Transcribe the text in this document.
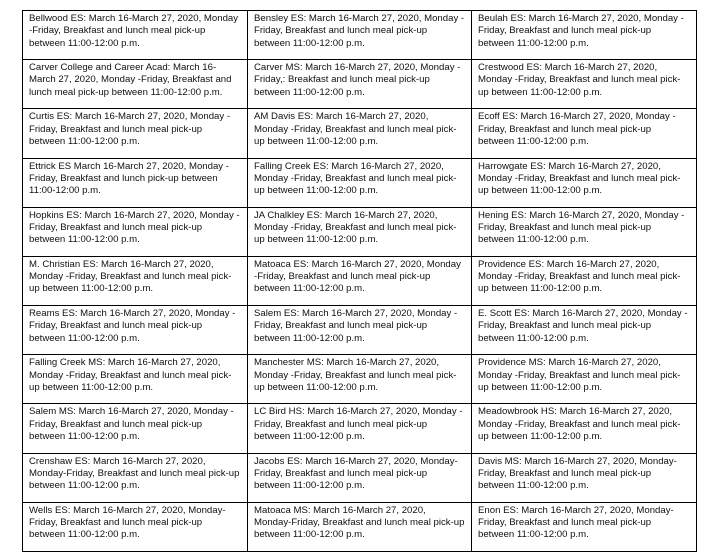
Bellwood ES: March 16-March 27, 2020, Monday -Friday, Breakfast and lunch meal pick-up between 11:00-12:00 p.m.	Bensley ES: March 16-March 27, 2020, Monday -Friday, Breakfast and lunch meal pick-up between 11:00-12:00 p.m.	Beulah ES: March 16-March 27, 2020, Monday -Friday, Breakfast and lunch meal pick-up between 11:00-12:00 p.m.

Carver College and Career Acad: March 16-March 27, 2020, Monday -Friday, Breakfast and lunch meal pick-up between 11:00-12:00 p.m.	Carver MS: March 16-March 27, 2020, Monday -Friday,: Breakfast and lunch meal pick-up between 11:00-12:00 p.m.	Crestwood ES: March 16-March 27, 2020, Monday -Friday, Breakfast and lunch meal pick-up between 11:00-12:00 p.m.

Curtis ES: March 16-March 27, 2020, Monday -Friday, Breakfast and lunch meal pick-up between 11:00-12:00 p.m.	AM Davis ES: March 16-March 27, 2020, Monday -Friday, Breakfast and lunch meal pick-up between 11:00-12:00 p.m.	Ecoff ES: March 16-March 27, 2020, Monday -Friday, Breakfast and lunch meal pick-up between 11:00-12:00 p.m.

Ettrick ES March 16-March 27, 2020, Monday -Friday, Breakfast and lunch pick-up between 11:00-12:00 p.m.	Falling Creek ES: March 16-March 27, 2020, Monday -Friday, Breakfast and lunch meal pick-up between 11:00-12:00 p.m.	Harrowgate ES: March 16-March 27, 2020, Monday -Friday, Breakfast and lunch meal pick-up between 11:00-12:00 p.m.

Hopkins ES: March 16-March 27, 2020, Monday -Friday, Breakfast and lunch meal pick-up between 11:00-12:00 p.m.	JA Chalkley ES: March 16-March 27, 2020, Monday -Friday, Breakfast and lunch meal pick-up between 11:00-12:00 p.m.	Hening ES: March 16-March 27, 2020, Monday -Friday, Breakfast and lunch meal pick-up between 11:00-12:00 p.m.

M. Christian ES: March 16-March 27, 2020, Monday -Friday, Breakfast and lunch meal pick-up between 11:00-12:00 p.m.	Matoaca ES: March 16-March 27, 2020, Monday -Friday, Breakfast and lunch meal pick-up between 11:00-12:00 p.m.	Providence ES: March 16-March 27, 2020, Monday -Friday, Breakfast and lunch meal pick-up between 11:00-12:00 p.m.

Reams ES: March 16-March 27, 2020, Monday -Friday, Breakfast and lunch meal pick-up between 11:00-12:00 p.m.	Salem ES: March 16-March 27, 2020, Monday -Friday, Breakfast and lunch meal pick-up between 11:00-12:00 p.m.	E. Scott ES: March 16-March 27, 2020, Monday -Friday, Breakfast and lunch meal pick-up between 11:00-12:00 p.m.

Falling Creek MS: March 16-March 27, 2020, Monday -Friday, Breakfast and lunch meal pick-up between 11:00-12:00 p.m.	Manchester MS: March 16-March 27, 2020, Monday -Friday, Breakfast and lunch meal pick-up between 11:00-12:00 p.m.	Providence MS: March 16-March 27, 2020, Monday -Friday, Breakfast and lunch meal pick-up between 11:00-12:00 p.m.

Salem MS: March 16-March 27, 2020, Monday -Friday, Breakfast and lunch meal pick-up between 11:00-12:00 p.m.	LC Bird HS: March 16-March 27, 2020, Monday -Friday, Breakfast and lunch meal pick-up between 11:00-12:00 p.m.	Meadowbrook HS: March 16-March 27, 2020, Monday -Friday, Breakfast and lunch meal pick-up between 11:00-12:00 p.m.

Crenshaw ES: March 16-March 27, 2020, Monday-Friday, Breakfast and lunch meal pick-up between 11:00-12:00 p.m.	Jacobs ES: March 16-March 27, 2020, Monday-Friday, Breakfast and lunch meal pick-up between 11:00-12:00 p.m.	Davis MS: March 16-March 27, 2020, Monday-Friday, Breakfast and lunch meal pick-up between 11:00-12:00 p.m.

Wells ES: March 16-March 27, 2020, Monday-Friday, Breakfast and lunch meal pick-up between 11:00-12:00 p.m.	Matoaca MS: March 16-March 27, 2020, Monday-Friday, Breakfast and lunch meal pick-up between 11:00-12:00 p.m.	Enon ES: March 16-March 27, 2020, Monday-Friday, Breakfast and lunch meal pick-up between 11:00-12:00 p.m.
